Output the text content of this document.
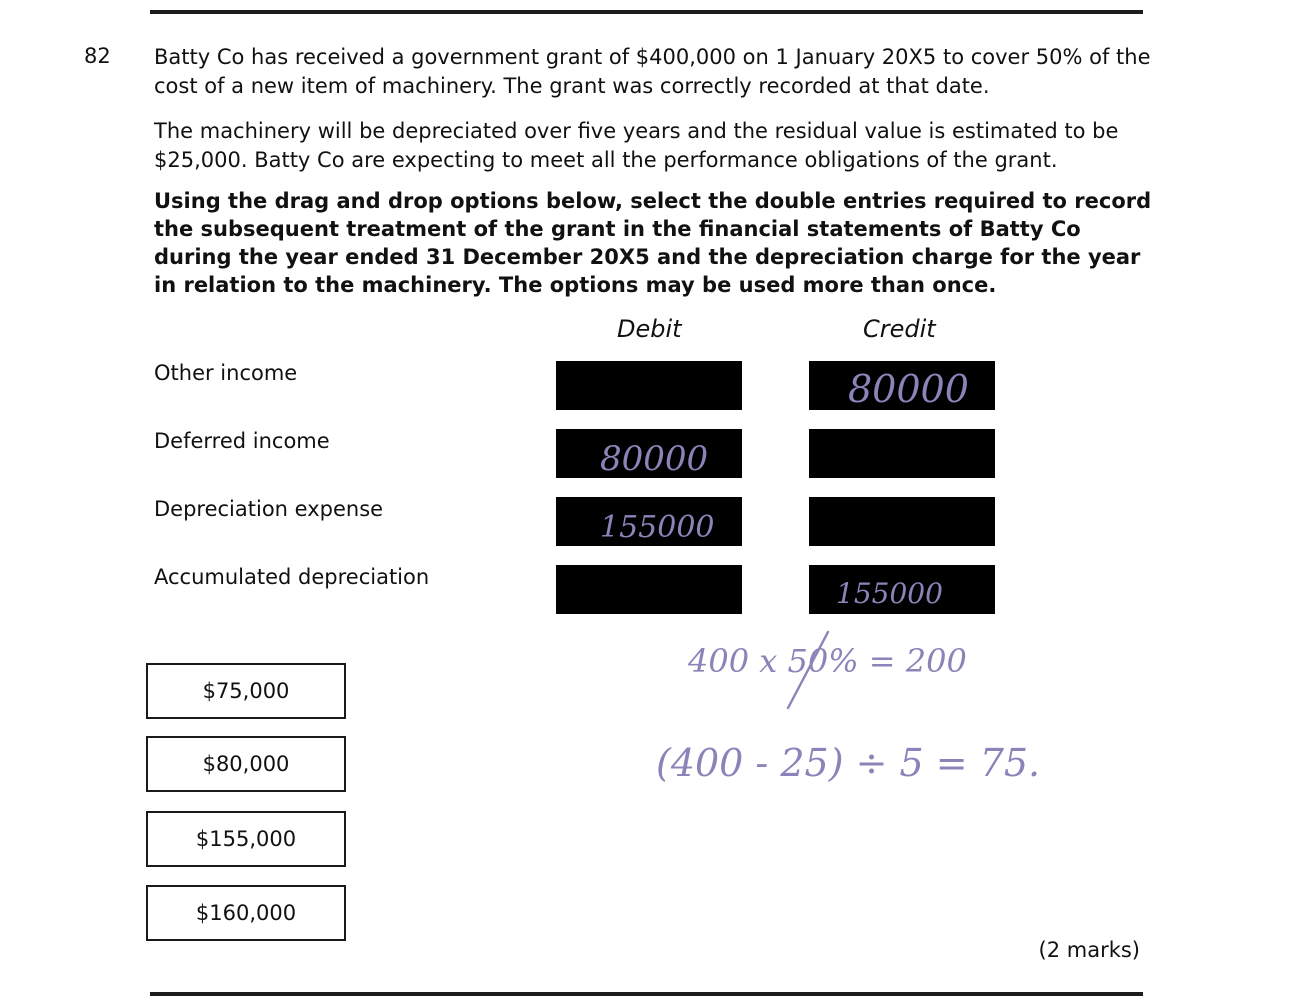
82 Batty Co has received a government grant of $400,000 on 1 January 20X5 to cover 50% of the cost of a new item of machinery. The grant was correctly recorded at that date.

The machinery will be depreciated over five years and the residual value is estimated to be $25,000. Batty Co are expecting to meet all the performance obligations of the grant.

Using the drag and drop options below, select the double entries required to record the subsequent treatment of the grant in the financial statements of Batty Co during the year ended 31 December 20X5 and the depreciation charge for the year in relation to the machinery. The options may be used more than once.

Debit	Credit
Other income
Deferred income
Depreciation expense
Accumulated depreciation
$75,000
$80,000
$155,000
$160,000
(2 marks)
80000
80000
155000
155000
400 x 50% = 200
(400 - 25) ÷ 5 = 75.
